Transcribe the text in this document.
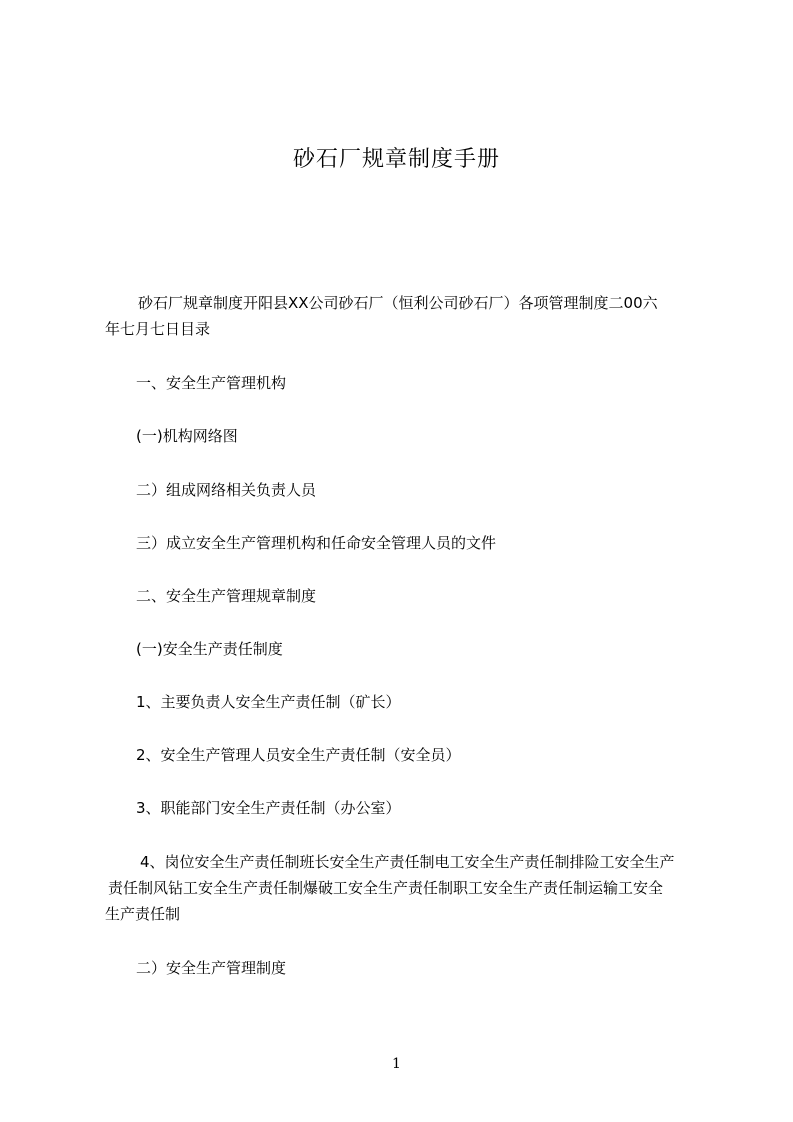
砂石厂规章制度手册
砂石厂规章制度开阳县XX公司砂石厂（恒利公司砂石厂）各项管理制度二00六
年七月七日目录
一、安全生产管理机构
(一)机构网络图
二）组成网络相关负责人员
三）成立安全生产管理机构和任命安全管理人员的文件
二、安全生产管理规章制度
(一)安全生产责任制度
1、主要负责人安全生产责任制（矿长）
2、安全生产管理人员安全生产责任制（安全员）
3、职能部门安全生产责任制（办公室）
4、岗位安全生产责任制班长安全生产责任制电工安全生产责任制排险工安全生产
责任制风钻工安全生产责任制爆破工安全生产责任制职工安全生产责任制运输工安全
生产责任制
二）安全生产管理制度
1
